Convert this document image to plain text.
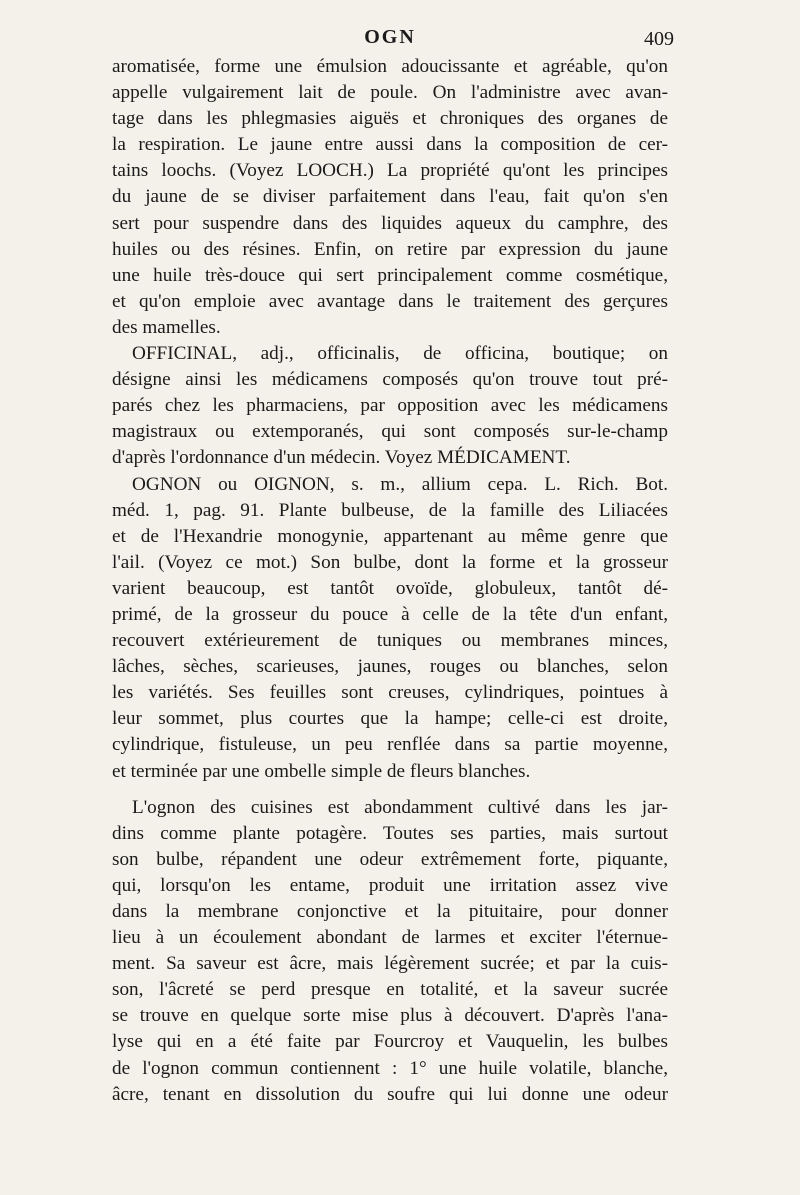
OGN	409
aromatisée, forme une émulsion adoucissante et agréable, qu'on
appelle vulgairement lait de poule. On l'administre avec avan-
tage dans les phlegmasies aiguës et chroniques des organes de
la respiration. Le jaune entre aussi dans la composition de cer-
tains loochs. (Voyez LOOCH.) La propriété qu'ont les principes
du jaune de se diviser parfaitement dans l'eau, fait qu'on s'en
sert pour suspendre dans des liquides aqueux du camphre, des
huiles ou des résines. Enfin, on retire par expression du jaune
une huile très-douce qui sert principalement comme cosmétique,
et qu'on emploie avec avantage dans le traitement des gerçures
des mamelles.
OFFICINAL, adj., officinalis, de officina, boutique; on
désigne ainsi les médicamens composés qu'on trouve tout pré-
parés chez les pharmaciens, par opposition avec les médicamens
magistraux ou extemporanés, qui sont composés sur-le-champ
d'après l'ordonnance d'un médecin. Voyez MÉDICAMENT.
OGNON ou OIGNON, s. m., allium cepa. L. Rich. Bot.
méd. 1, pag. 91. Plante bulbeuse, de la famille des Liliacées
et de l'Hexandrie monogynie, appartenant au même genre que
l'ail. (Voyez ce mot.) Son bulbe, dont la forme et la grosseur
varient beaucoup, est tantôt ovoïde, globuleux, tantôt dé-
primé, de la grosseur du pouce à celle de la tête d'un enfant,
recouvert extérieurement de tuniques ou membranes minces,
lâches, sèches, scarieuses, jaunes, rouges ou blanches, selon
les variétés. Ses feuilles sont creuses, cylindriques, pointues à
leur sommet, plus courtes que la hampe; celle-ci est droite,
cylindrique, fistuleuse, un peu renflée dans sa partie moyenne,
et terminée par une ombelle simple de fleurs blanches.
L'ognon des cuisines est abondamment cultivé dans les jar-
dins comme plante potagère. Toutes ses parties, mais surtout
son bulbe, répandent une odeur extrêmement forte, piquante,
qui, lorsqu'on les entame, produit une irritation assez vive
dans la membrane conjonctive et la pituitaire, pour donner
lieu à un écoulement abondant de larmes et exciter l'éternue-
ment. Sa saveur est âcre, mais légèrement sucrée; et par la cuis-
son, l'âcreté se perd presque en totalité, et la saveur sucrée
se trouve en quelque sorte mise plus à découvert. D'après l'ana-
lyse qui en a été faite par Fourcroy et Vauquelin, les bulbes
de l'ognon commun contiennent : 1° une huile volatile, blanche,
âcre, tenant en dissolution du soufre qui lui donne une odeur
